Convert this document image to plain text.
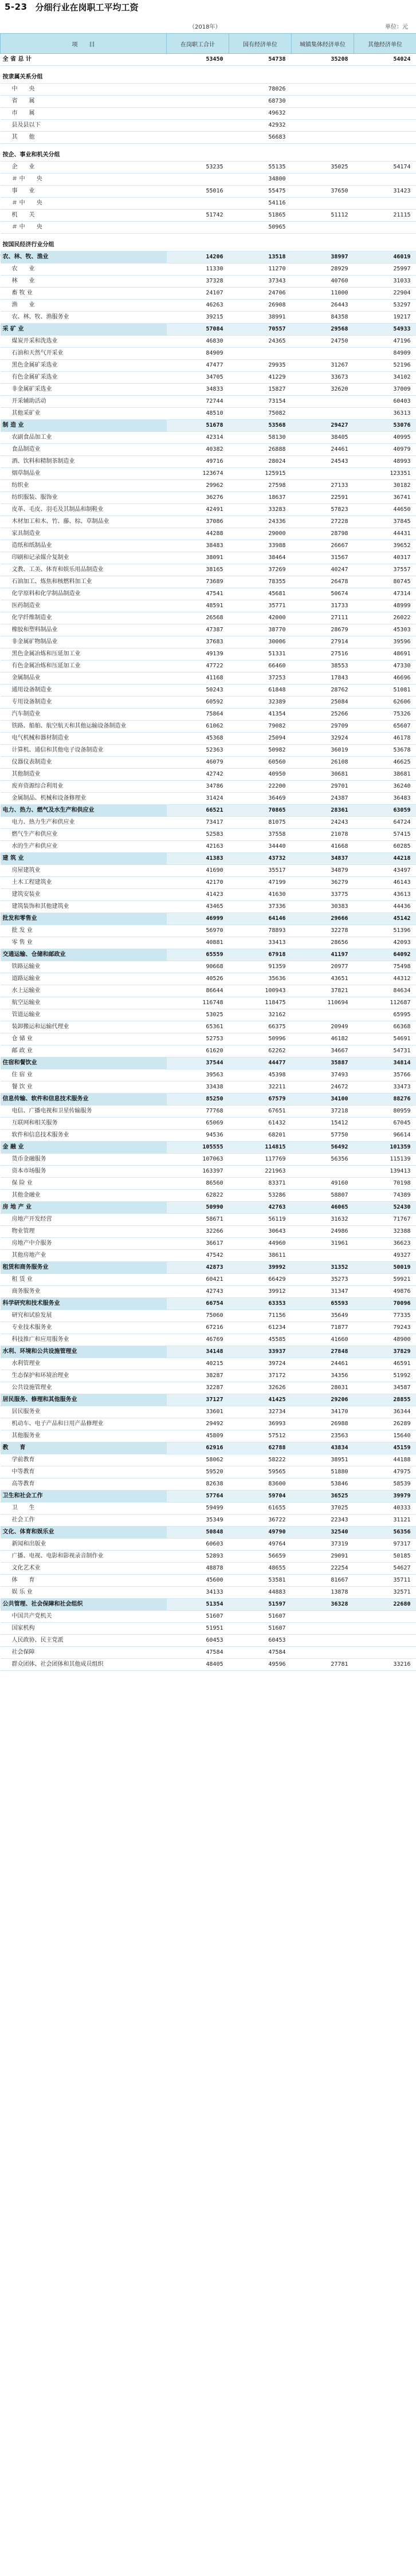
5-23 分细行业在岗职工平均工资
（2018年）	单位：元
项　　目	在岗职工合计	国有经济单位	城镇集体经济单位	其他经济单位

全 省 总 计	53450	54738	35208	54024

按隶属关系分组				
中　　央		78026		
省　　属		68730		
市　　属		49632		
县及县以下		42932		
其　　他		56683		

按企、事业和机关分组				
企　　业	53235	55135	35025	54174
＃ 中　　央		34800		
事　　业	55016	55475	37650	31423
＃ 中　　央		54116		
机　　关	51742	51865	51112	21115
＃ 中　　央		50965		

按国民经济行业分组				
农、林、牧、渔业	14206	13518	38997	46019
农　　业	11330	11270	28929	25997
林　　业	37328	37343	40760	31033
畜 牧 业	24107	24706	11000	22904
渔　　业	46263	26908	26443	53297
农、林、牧、渔服务业	39215	38991	84358	19217
采 矿 业	57084	70557	29568	54933
煤炭开采和洗选业	46830	24365	24750	47196
石油和天然气开采业	84909			84909
黑色金属矿采选业	47477	29935	31267	52196
有色金属矿采选业	34705	41229	33673	34102
非金属矿采选业	34833	15827	32620	37009
开采辅助活动	72744	73154		60403
其他采矿业	48510	75082		36313
制 造 业	51678	53568	29427	53076
农副食品加工业	42314	58130	38405	40995
食品制造业	40382	26888	24461	40979
酒、饮料和精制茶制造业	49716	28024	24543	48993
烟草制品业	123674	125915		123351
纺织业	29962	27598	27133	30182
纺织服装、服饰业	36276	18637	22591	36741
皮革、毛皮、羽毛及其制品和制鞋业	42491	33283	57823	44650
木材加工和木、竹、藤、棕、草制品业	37086	24336	27228	37845
家具制造业	44288	29000	28798	44431
造纸和纸制品业	38483	33988	26667	39652
印刷和记录媒介复制业	38091	38464	31567	40317
文教、工美、体育和娱乐用品制造业	38165	37269	40247	37557
石油加工、炼焦和核燃料加工业	73689	78355	26478	80745
化学原料和化学制品制造业	47541	45681	50674	47314
医药制造业	48591	35771	31733	48999
化学纤维制造业	26568	42000	27111	26022
橡胶和塑料制品业	47387	38770	28679	45303
非金属矿物制品业	37683	30006	27914	39596
黑色金属冶炼和压延加工业	49139	51331	27516	48691
有色金属冶炼和压延加工业	47722	66460	38553	47330
金属制品业	41168	37253	17843	46696
通用设备制造业	50243	61848	28762	51081
专用设备制造业	60592	32389	25084	62606
汽车制造业	75864	41354	25266	75326
铁路、船舶、航空航天和其他运输设备制造业	61062	79082	29709	65607
电气机械和器材制造业	45368	25094	32924	46178
计算机、通信和其他电子设备制造业	52363	50982	36019	53678
仪器仪表制造业	46079	60560	26108	46625
其他制造业	42742	40950	30681	38681
废弃资源综合利用业	34786	22200	29701	36240
金属制品、机械和设备修理业	31424	36469	24387	36483
电力、热力、燃气及水生产和供应业	66521	70865	28361	63059
电力、热力生产和供应业	73417	81075	24243	64724
燃气生产和供应业	52583	37558	21078	57415
水的生产和供应业	42163	34440	41668	60285
建 筑 业	41383	43732	34837	44218
房屋建筑业	41690	35517	34879	43497
土木工程建筑业	42170	47199	36279	46143
建筑安装业	41423	41630	33775	43613
建筑装饰和其他建筑业	43465	37336	30383	44436
批发和零售业	46999	64146	29666	45142
批 发 业	56970	78893	32278	51396
零 售 业	40881	33413	28656	42093
交通运输、仓储和邮政业	65559	67918	41197	64092
铁路运输业	90668	91359	20977	75498
道路运输业	40526	35636	43651	44312
水上运输业	86644	100943	37821	84634
航空运输业	116748	118475	110694	112687
管道运输业	53025	32162		65995
装卸搬运和运输代理业	65361	66375	20949	66368
仓 储 业	52753	50996	46182	54691
邮 政 业	61620	62262	34667	54731
住宿和餐饮业	37544	44477	35887	34814
住 宿 业	39563	45398	37493	35766
餐 饮 业	33438	32211	24672	33473
信息传输、软件和信息技术服务业	85250	67579	34100	88276
电信、广播电视和卫星传输服务	77768	67651	37218	80959
互联网和相关服务	65069	61432	15412	67045
软件和信息技术服务业	94536	68201	57750	96614
金 融 业	105555	114815	56492	101359
货币金融服务	107063	117769	56356	115139
资本市场服务	163397	221963		139413
保 险 业	86560	83371	49160	70198
其他金融业	62822	53286	58807	74389
房 地 产 业	50990	42763	46065	52430
房地产开发经营	58671	56119	31632	71767
物业管理	32266	30643	24986	32388
房地产中介服务	36617	44960	31961	36623
其他房地产业	47542	38611		49327
租赁和商务服务业	42873	39992	31352	50019
租 赁 业	60421	66429	35273	59921
商务服务业	42743	39912	31347	49876
科学研究和技术服务业	66754	63353	65593	70096
研究和试验发展	75060	71156	35649	77335
专业技术服务业	67216	61234	71877	79243
科技推广和应用服务业	46769	45585	41660	48900
水利、环境和公共设施管理业	34148	33937	27848	37829
水利管理业	40215	39724	24461	46591
生态保护和环境治理业	38287	37172	34356	51992
公共设施管理业	32287	32626	28031	34587
居民服务、修理和其他服务业	37127	41425	29206	28855
居民服务业	33601	32734	34170	36344
机动车、电子产品和日用产品修理业	29492	36993	26988	26289
其他服务业	45809	57512	23563	15640
教　　育	62916	62788	43834	45159
学前教育	58062	58222	38951	44188
中等教育	59520	59565	51880	47975
高等教育	82638	83600	53846	58539
卫生和社会工作	57764	59704	36525	39979
卫　　生	59499	61655	37025	40333
社会工作	35349	36722	22343	31121
文化、体育和娱乐业	50848	49790	32540	56356
新闻和出版业	60603	49764	37319	97317
广播、电视、电影和影视录音制作业	52893	56659	29091	50185
文化艺术业	48878	48655	22254	54627
体　　育	45600	53581	81667	35711
娱 乐 业	34133	44883	13878	32571
公共管理、社会保障和社会组织	51354	51597	36328	22680
中国共产党机关	51607	51607		
国家机构	51951	51607		
人民政协、民主党派	60453	60453		
社会保障	47584	47584		
群众团体、社会团体和其他成员组织	48405	49596	27781	33216
